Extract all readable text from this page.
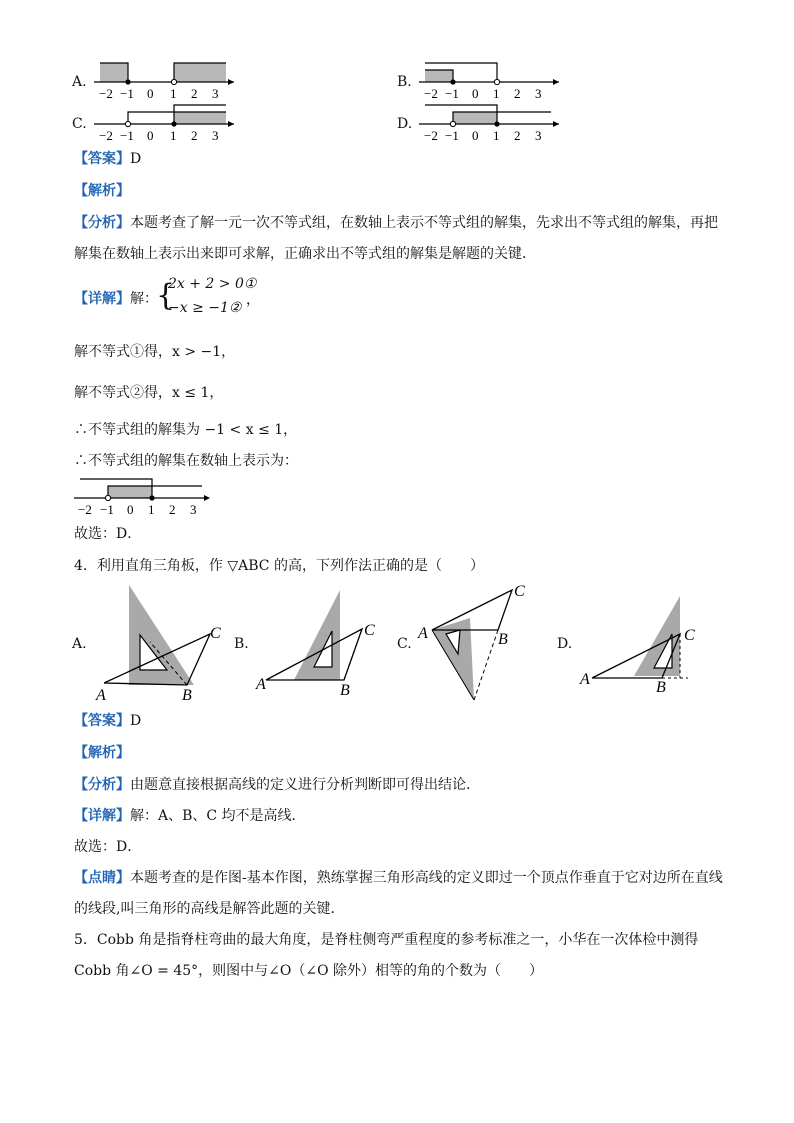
A.	B.
C.	D.
−2 −1 0 1 2 3	−2 −1 0 1 2 3
−2 −1 0 1 2 3	−2 −1 0 1 2 3
【答案】D
【解析】
【分析】本题考查了解一元一次不等式组，在数轴上表示不等式组的解集，先求出不等式组的解集，再把
解集在数轴上表示出来即可求解，正确求出不等式组的解集是解题的关键．
【详解】解：
{
2x + 2 > 0①
−x ≥ −1② ，
解不等式①得，x > −1，
解不等式②得，x ≤ 1，
∴不等式组的解集为 −1 < x ≤ 1，
∴不等式组的解集在数轴上表示为：
−2 −1 0 1 2 3
故选：D．
4．利用直角三角板，作 ▽ABC 的高，下列作法正确的是（　　）
A.	B.	C.	D.
A	B
C
A	B
C	A	B
C
A	B
C
【答案】D
【解析】
【分析】由题意直接根据高线的定义进行分析判断即可得出结论．
【详解】解：A、B、C 均不是高线．
故选：D．
【点睛】本题考查的是作图-基本作图，熟练掌握三角形高线的定义即过一个顶点作垂直于它对边所在直线
的线段,叫三角形的高线是解答此题的关键．
5．Cobb 角是指脊柱弯曲的最大角度，是脊柱侧弯严重程度的参考标准之一，小华在一次体检中测得
Cobb 角∠O = 45°，则图中与∠O（∠O 除外）相等的角的个数为（　　）
